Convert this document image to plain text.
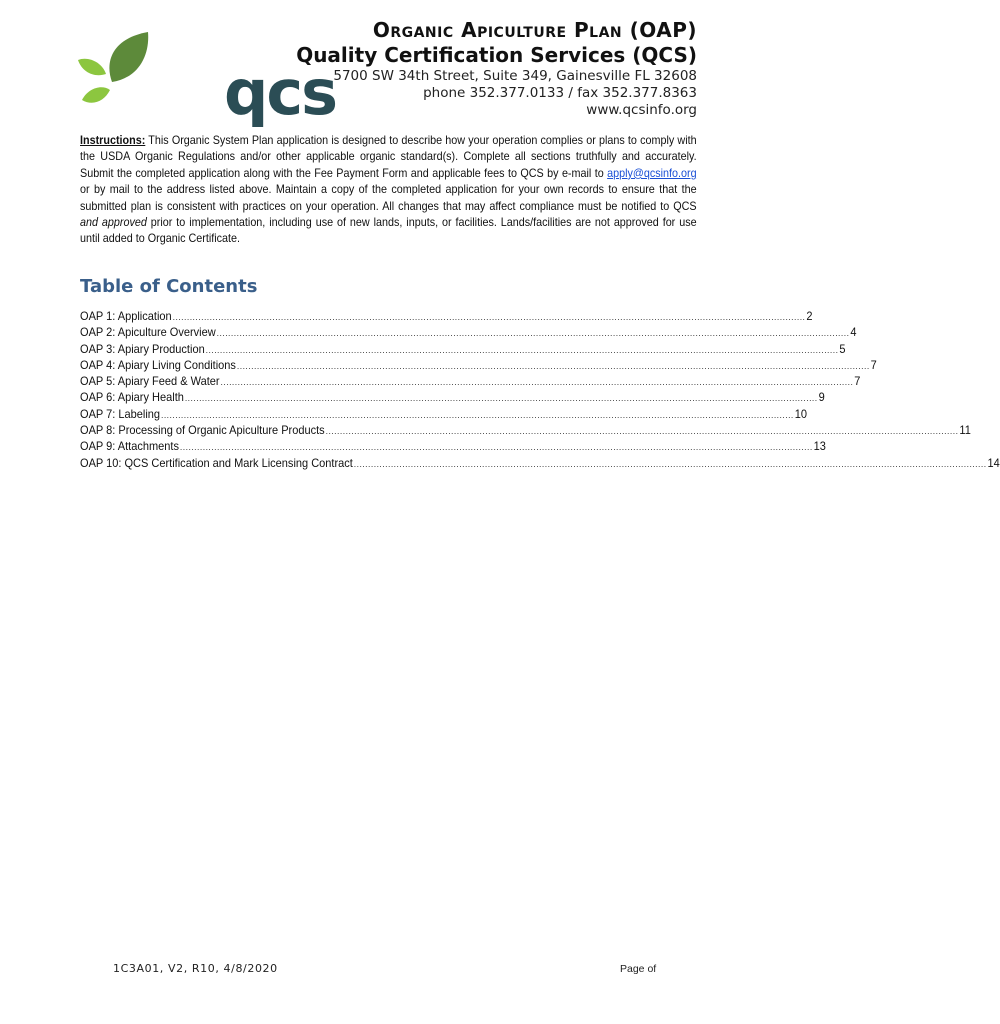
qcs
Organic Apiculture Plan (OAP)
Quality Certification Services (QCS)
5700 SW 34th Street, Suite 349, Gainesville FL 32608
phone 352.377.0133 / fax 352.377.8363
www.qcsinfo.org
Instructions: This Organic System Plan application is designed to describe how your operation complies or plans to comply with the USDA Organic Regulations and/or other applicable organic standard(s). Complete all sections truthfully and accurately. Submit the completed application along with the Fee Payment Form and applicable fees to QCS by e-mail to apply@qcsinfo.org or by mail to the address listed above. Maintain a copy of the completed application for your own records to ensure that the submitted plan is consistent with practices on your operation. All changes that may affect compliance must be notified to QCS and approved prior to implementation, including use of new lands, inputs, or facilities. Lands/facilities are not approved for use until added to Organic Certificate.
Table of Contents
OAP 1: Application .............................................................................................................................................................................................................................. 2
OAP 2: Apiculture Overview .............................................................................................................................................................................................................................. 4
OAP 3: Apiary Production .............................................................................................................................................................................................................................. 5
OAP 4: Apiary Living Conditions .............................................................................................................................................................................................................................. 7
OAP 5: Apiary Feed & Water .............................................................................................................................................................................................................................. 7
OAP 6: Apiary Health .............................................................................................................................................................................................................................. 9
OAP 7: Labeling .............................................................................................................................................................................................................................. 10
OAP 8: Processing of Organic Apiculture Products .............................................................................................................................................................................................................................. 11
OAP 9: Attachments .............................................................................................................................................................................................................................. 13
OAP 10: QCS Certification and Mark Licensing Contract .............................................................................................................................................................................................................................. 14
1C3A01, V2, R10, 4/8/2020	Page of
